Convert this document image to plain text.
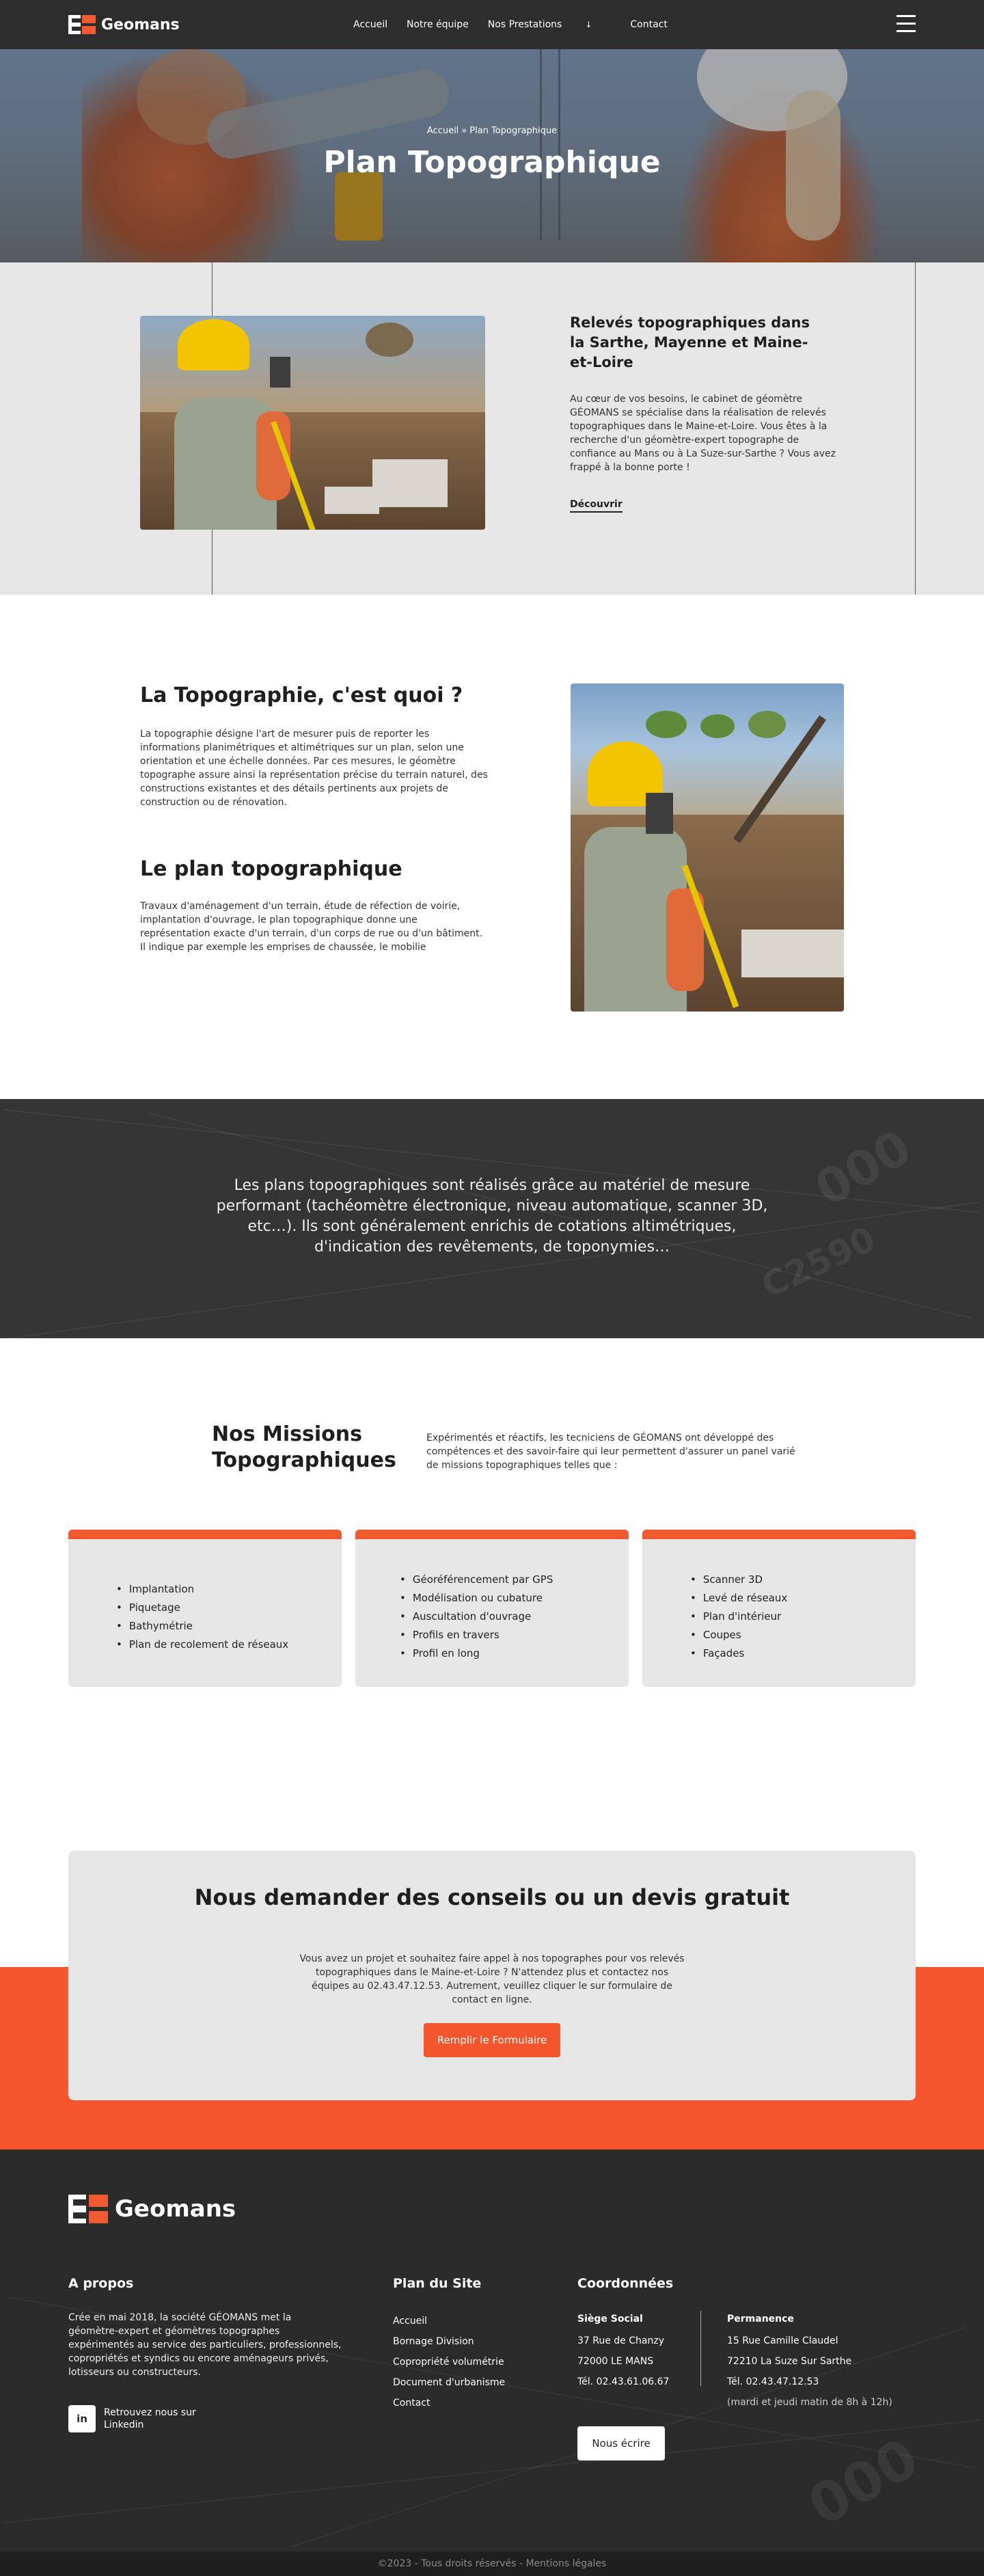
Geomans	Accueil Notre équipe Nos Prestations	↓	Contact
Accueil » Plan Topographique
Plan Topographique
Relevés topographiques dans la Sarthe, Mayenne et Maine-et-Loire
Au cœur de vos besoins, le cabinet de géomètre GÉOMANS se spécialise dans la réalisation de relevés topographiques dans le Maine-et-Loire. Vous êtes à la recherche d'un géomètre-expert topographe de confiance au Mans ou à La Suze-sur-Sarthe ? Vous avez frappé à la bonne porte !
Découvrir
La Topographie, c'est quoi ?
La topographie désigne l'art de mesurer puis de reporter les informations planimétriques et altimétriques sur un plan, selon une orientation et une échelle données. Par ces mesures, le géomètre topographe assure ainsi la représentation précise du terrain naturel, des constructions existantes et des détails pertinents aux projets de construction ou de rénovation.
Le plan topographique
Travaux d'aménagement d'un terrain, étude de réfection de voirie, implantation d'ouvrage, le plan topographique donne une représentation exacte d'un terrain, d'un corps de rue ou d'un bâtiment. Il indique par exemple les emprises de chaussée, le mobilie
000
C2590
Les plans topographiques sont réalisés grâce au matériel de mesure performant (tachéomètre électronique, niveau automatique, scanner 3D, etc…). Ils sont généralement enrichis de cotations altimétriques, d'indication des revêtements, de toponymies…
Nos Missions Topographiques
Expérimentés et réactifs, les tecniciens de GÉOMANS ont développé des compétences et des savoir-faire qui leur permettent d'assurer un panel varié de missions topographiques telles que :
• Implantation
• Piquetage
• Bathymétrie
• Plan de recolement de réseaux
• Géoréférencement par GPS
• Modélisation ou cubature
• Auscultation d'ouvrage
• Profils en travers
• Profil en long
• Scanner 3D
• Levé de réseaux
• Plan d'intérieur
• Coupes
• Façades
Nous demander des conseils ou un devis gratuit
Vous avez un projet et souhaitez faire appel à nos topographes pour vos relevés topographiques dans le Maine-et-Loire ? N'attendez plus et contactez nos équipes au 02.43.47.12.53. Autrement, veuillez cliquer le sur formulaire de contact en ligne.
Remplir le Formulaire
000
Geomans
A propos
Crée en mai 2018, la société GÉOMANS met la géomètre-expert et géomètres topographes expérimentés au service des particuliers, professionnels, copropriétés et syndics ou encore aménageurs privés, lotisseurs ou constructeurs.
in	Retrouvez nous sur
Linkedin
Plan du Site
Accueil
Bornage Division
Copropriété volumétrie
Document d'urbanisme
Contact
Coordonnées
Siège Social
37 Rue de Chanzy
72000 LE MANS
Tél. 02.43.61.06.67
Permanence
15 Rue Camille Claudel
72210 La Suze Sur Sarthe
Tél. 02.43.47.12.53
(mardi et jeudi matin de 8h à 12h)
Nous écrire
©2023 - Tous droits réservés - Mentions légales
